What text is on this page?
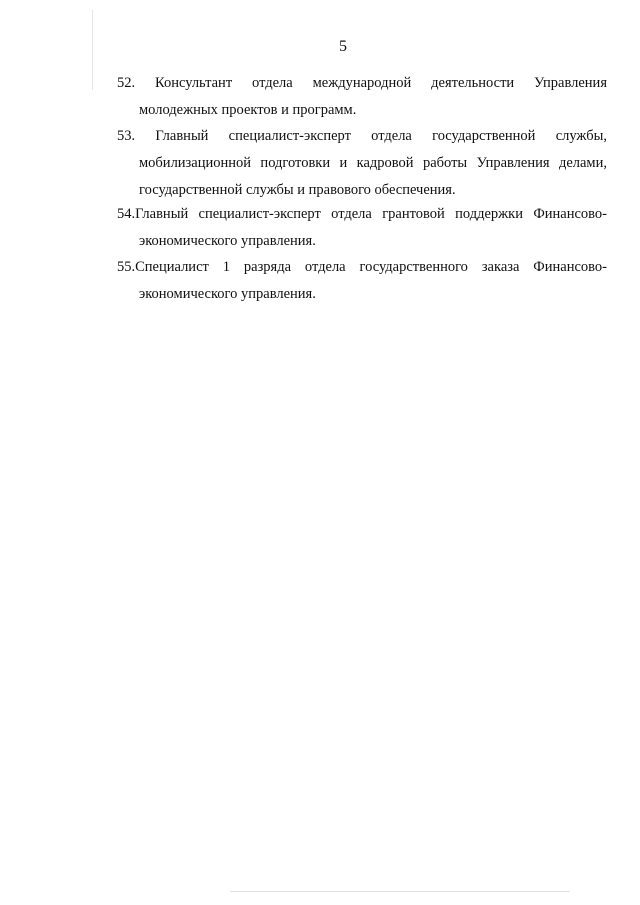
5
52. Консультант отдела международной деятельности Управления
молодежных проектов и программ.
53. Главный специалист-эксперт отдела государственной службы,
мобилизационной подготовки и кадровой работы Управления делами,
государственной службы и правового обеспечения.
54.Главный специалист-эксперт отдела грантовой поддержки Финансово-
экономического управления.
55.Специалист 1 разряда отдела государственного заказа Финансово-
экономического управления.
